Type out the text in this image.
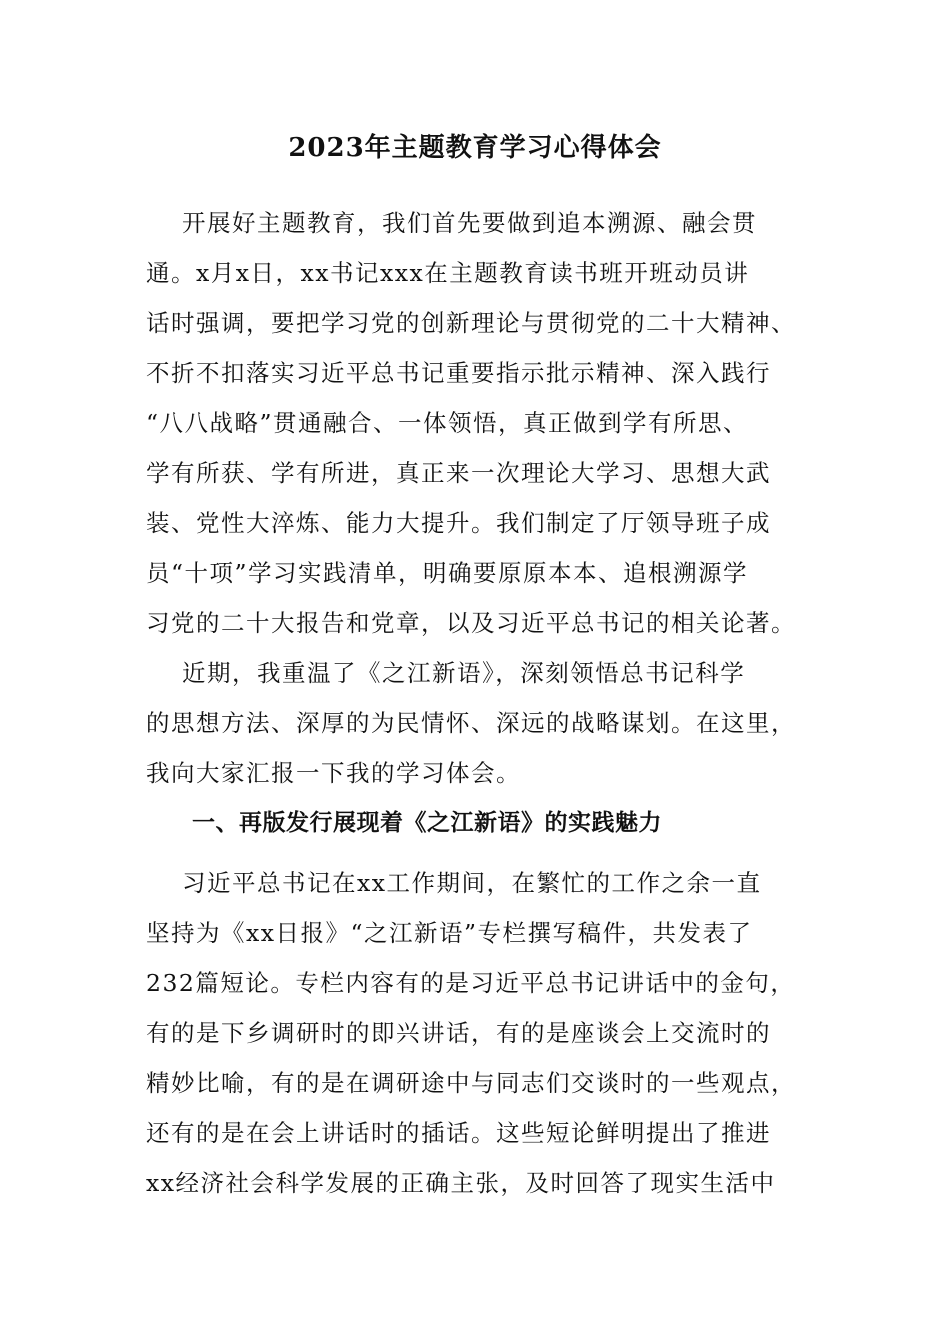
2023年主题教育学习心得体会
开展好主题教育，我们首先要做到追本溯源、融会贯
通。x月x日，xx书记xxx在主题教育读书班开班动员讲
话时强调，要把学习党的创新理论与贯彻党的二十大精神、
不折不扣落实习近平总书记重要指示批示精神、深入践行
“八八战略”贯通融合、一体领悟，真正做到学有所思、
学有所获、学有所进，真正来一次理论大学习、思想大武
装、党性大淬炼、能力大提升。我们制定了厅领导班子成
员“十项”学习实践清单，明确要原原本本、追根溯源学
习党的二十大报告和党章，以及习近平总书记的相关论著。
近期，我重温了《之江新语》，深刻领悟总书记科学
的思想方法、深厚的为民情怀、深远的战略谋划。在这里，
我向大家汇报一下我的学习体会。
一、再版发行展现着《之江新语》的实践魅力
习近平总书记在xx工作期间，在繁忙的工作之余一直
坚持为《xx日报》“之江新语”专栏撰写稿件，共发表了
232篇短论。专栏内容有的是习近平总书记讲话中的金句，
有的是下乡调研时的即兴讲话，有的是座谈会上交流时的
精妙比喻，有的是在调研途中与同志们交谈时的一些观点，
还有的是在会上讲话时的插话。这些短论鲜明提出了推进
xx经济社会科学发展的正确主张，及时回答了现实生活中
